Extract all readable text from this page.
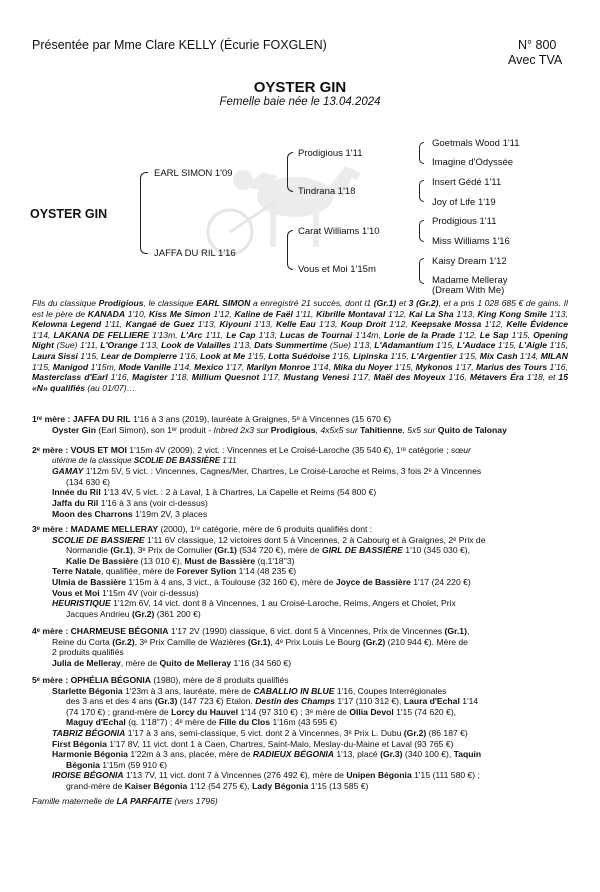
Présentée par Mme Clare KELLY (Écurie FOXGLEN)	N° 800
Avec TVA
OYSTER GIN
Femelle baie née le 13.04.2024
OYSTER GIN
EARL SIMON 1'09
JAFFA DU RIL 1'16
Prodigious 1'11
Tindrana 1'18
Carat Williams 1'10
Vous et Moi 1'15m
Goetmals Wood 1'11
Imagine d'Odyssée
Insert Gédé 1'11
Joy of Life 1'19
Prodigious 1'11
Miss Williams 1'16
Kaisy Dream 1'12
Madame Melleray
(Dream With Me)

Fils du classique Prodigious, le classique EARL SIMON a enregistré 21 succès, dont l1 (Gr.1) et 3 (Gr.2), et a pris 1 028 685 € de gains. Il est le père de KANADA 1'10, Kiss Me Simon 1'12, Kaline de Faël 1'11, Kibrille Montaval 1'12, Kai La Sha 1'13, King Kong Smile 1'13, Kelowna Legend 1'11, Kangaé de Guez 1'13, Kiyouni 1'13, Kelle Eau 1'13, Koup Droit 1'12, Keepsake Mossa 1'12, Kelle Évidence 1'14, LAKANA DE FELLIERE 1'13m, L'Arc 1'11, Le Cap 1'13, Lucas de Tournai 1'14m, Lorie de la Prade 1'12, Le Sap 1'15, Opening Night (Sue) 1'11, L'Orange 1'13, Look de Valailles 1'13, Dats Summertime (Sue) 1'13, L'Adamantium 1'15, L'Audace 1'15, L'Aigle 1'15, Laura Sissi 1'15, Lear de Dompierre 1'16, Look at Me 1'15, Lotta Suédoise 1'15, Lipinska 1'15, L'Argentier 1'15, Mix Cash 1'14, MILAN 1'15, Manigod 1'15m, Mode Vanille 1'14, Mexico 1'17, Marilyn Monroe 1'14, Mika du Noyer 1'15, Mykonos 1'17, Marius des Tours 1'16, Masterclass d'Earl 1'16, Magister 1'18, Millium Quesnot 1'17, Mustang Venesi 1'17, Maël des Moyeux 1'16, Métavers Éra 1'18, et 15 «N» qualifiés (au 01/07)…

1ʳᵉ mère : JAFFA DU RIL 1'16 à 3 ans (2019), lauréate à Graignes, 5ᵉ à Vincennes (15 670 €)
Oyster Gin (Earl Simon), son 1ᵉʳ produit - Inbred 2x3 sur Prodigious, 4x5x5 sur Tahitienne, 5x5 sur Quito de Talonay
2ᵉ mère : VOUS ET MOI 1'15m 4V (2009), 2 vict. : Vincennes et Le Croisé-Laroche (35 540 €), 1ʳᵉ catégorie ; sœur
utérine de la classique SCOLIE DE BASSIÈRE 1'11
GAMAY 1'12m 5V, 5 vict. : Vincennes, Cagnes/Mer, Chartres, Le Croisé-Laroche et Reims, 3 fois 2ᵉ à Vincennes
(134 630 €)
Innée du Ril 1'13 4V, 5 vict. : 2 à Laval, 1 à Chartres, La Capelle et Reims (54 800 €)
Jaffa du Ril 1'16 à 3 ans (voir ci-dessus)
Moon des Charrons 1'19m 2V, 3 places
3ᵉ mère : MADAME MELLERAY (2000), 1ʳᵉ catégorie, mère de 6 produits qualifiés dont :
SCOLIE DE BASSIERE 1'11 6V classique, 12 victoires dont 5 à Vincennes, 2 à Cabourg et à Graignes, 2ᵉ Prix de
Normandie (Gr.1), 3ᵉ Prix de Cornulier (Gr.1) (534 720 €), mère de GIRL DE BASSIÈRE 1'10 (345 030 €),
Kalie De Bassière (13 010 €), Must de Bassière (q.1'18''3)
Terre Natale, qualifiée, mère de Forever Sylion 1'14 (48 235 €)
Ulmia de Bassière 1'15m à 4 ans, 3 vict., à Toulouse (32 160 €), mère de Joyce de Bassière 1'17 (24 220 €)
Vous et Moi 1'15m 4V (voir ci-dessus)
HEURISTIQUE 1'12m 6V, 14 vict. dont 8 à Vincennes, 1 au Croisé-Laroche, Reims, Angers et Cholet, Prix
Jacques Andrieu (Gr.2) (361 200 €)
4ᵉ mère : CHARMEUSE BÉGONIA 1'17 2V (1990) classique, 6 vict. dont 5 à Vincennes, Prix de Vincennes (Gr.1),
Reine du Corta (Gr.2), 3ᵉ Prix Camille de Wazières (Gr.1), 4ᵉ Prix Louis Le Bourg (Gr.2) (210 944 €). Mère de
2 produits qualifiés
Julia de Melleray, mère de Quito de Melleray 1'16 (34 560 €)
5ᵉ mère : OPHÉLIA BÉGONIA (1980), mère de 8 produits qualifiés
Starlette Bégonia 1'23m à 3 ans, lauréate, mère de CABALLIO IN BLUE 1'16, Coupes Interrégionales
des 3 ans et des 4 ans (Gr.3) (147 723 €) Etalon. Destin des Champs 1'17 (110 312 €), Laura d'Echal 1'14
(74 170 €) ; grand-mère de Lorcy du Hauvel 1'14 (97 310 €) ; 3ᵉ mère de Ollia Devol 1'15 (74 620 €),
Maguy d'Echal (q. 1'18''7) ; 4ᵉ mère de Fille du Clos 1'16m (43 595 €)
TABRIZ BÉGONIA 1'17 à 3 ans, semi-classique, 5 vict. dont 2 à Vincennes, 3ᵉ Prix L. Dubu (Gr.2) (86 187 €)
First Bégonia 1'17 8V, 11 vict. dont 1 à Caen, Chartres, Saint-Malo, Meslay-du-Maine et Laval (93 765 €)
Harmonie Bégonia 1'22m à 3 ans, placée, mère de RADIEUX BÉGONIA 1'13, placé (Gr.3) (340 100 €), Taquin
Bégonia 1'15m (59 910 €)
IROISE BÉGONIA 1'13 7V, 11 vict. dont 7 à Vincennes (276 492 €), mère de Unipen Bégonia 1'15 (111 580 €) ;
grand-mère de Kaiser Bégonia 1'12 (54 275 €), Lady Bégonia 1'15 (13 585 €)
Famille maternelle de LA PARFAITE (vers 1796)
